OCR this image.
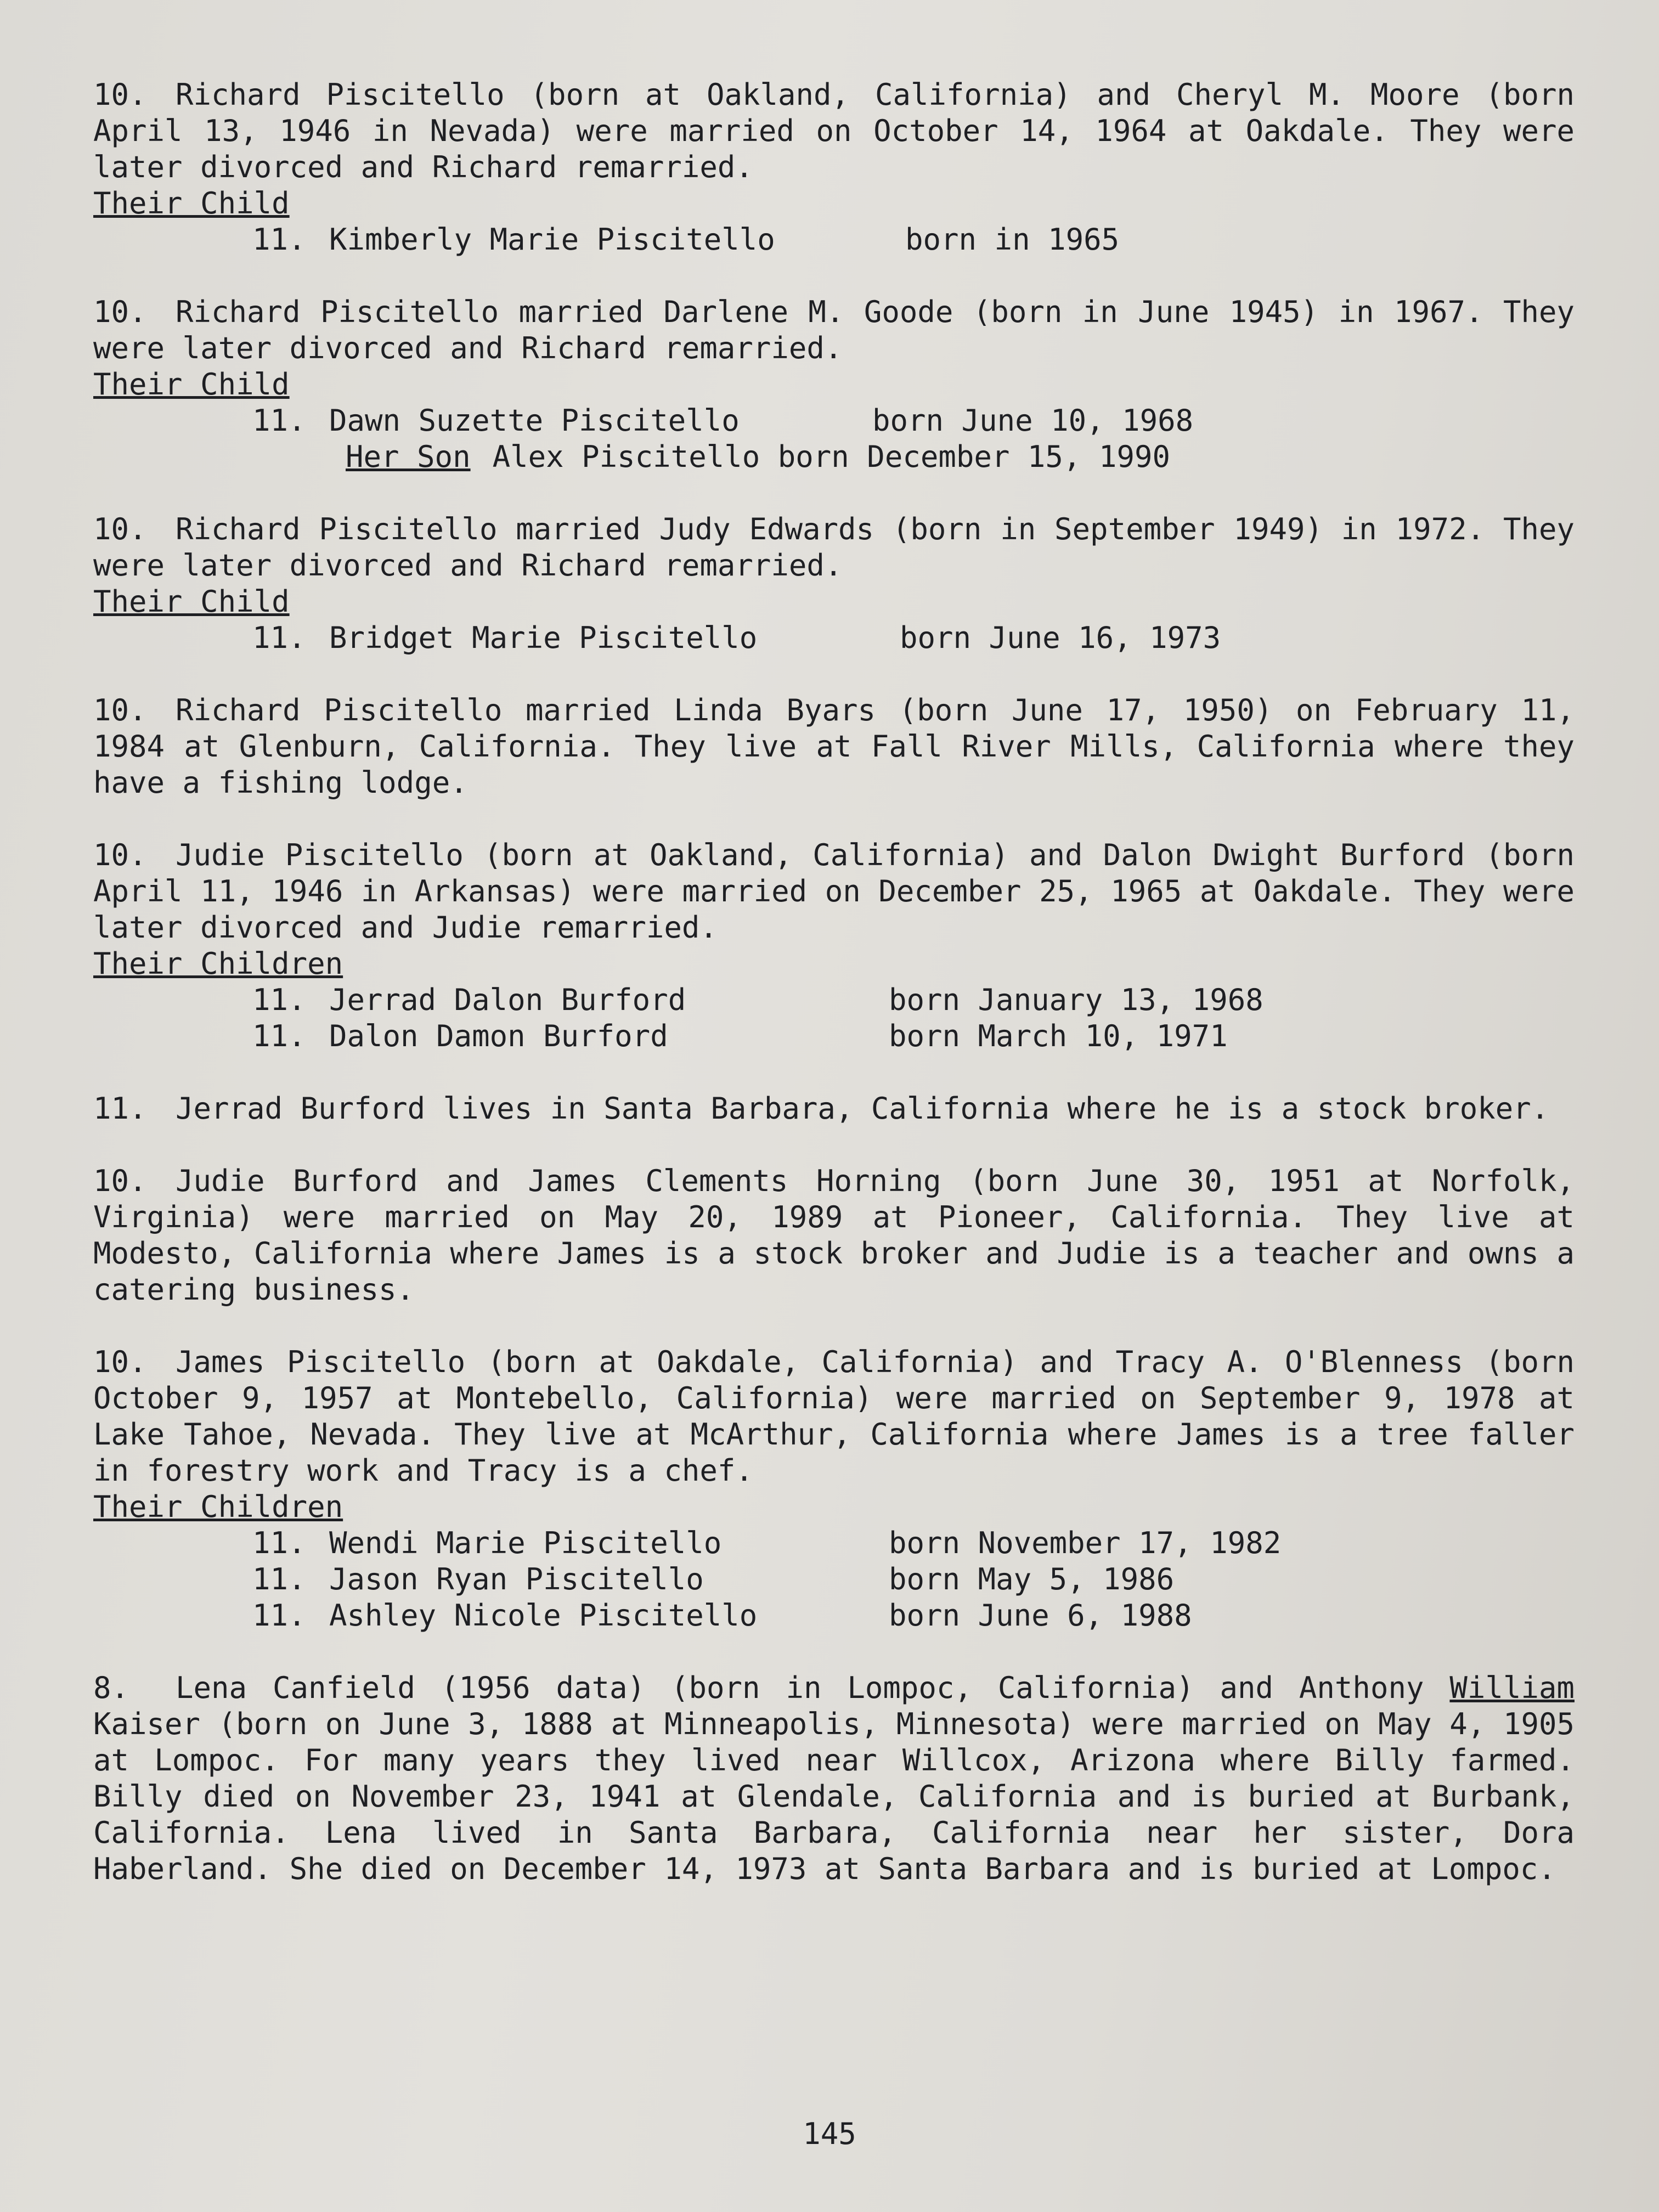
10. Richard Piscitello (born at Oakland, California) and Cheryl M. Moore (born April 13, 1946 in Nevada) were married on October 14, 1964 at Oakdale. They were later divorced and Richard remarried.

Their Child

11. Kimberly Marie Piscitello	born in 1965

10. Richard Piscitello married Darlene M. Goode (born in June 1945) in 1967. They were later divorced and Richard remarried.

Their Child

11. Dawn Suzette Piscitello	born June 10, 1968

Her Son Alex Piscitello born December 15, 1990

10. Richard Piscitello married Judy Edwards (born in September 1949) in 1972. They were later divorced and Richard remarried.

Their Child

11. Bridget Marie Piscitello	born June 16, 1973

10. Richard Piscitello married Linda Byars (born June 17, 1950) on February 11, 1984 at Glenburn, California. They live at Fall River Mills, California where they have a fishing lodge.

10. Judie Piscitello (born at Oakland, California) and Dalon Dwight Burford (born April 11, 1946 in Arkansas) were married on December 25, 1965 at Oakdale. They were later divorced and Judie remarried.

Their Children

11. Jerrad Dalon Burford	born January 13, 1968

11. Dalon Damon Burford	born March 10, 1971

11. Jerrad Burford lives in Santa Barbara, California where he is a stock broker.

10. Judie Burford and James Clements Horning (born June 30, 1951 at Norfolk, Virginia) were married on May 20, 1989 at Pioneer, California. They live at Modesto, California where James is a stock broker and Judie is a teacher and owns a catering business.

10. James Piscitello (born at Oakdale, California) and Tracy A. O'Blenness (born October 9, 1957 at Montebello, California) were married on September 9, 1978 at Lake Tahoe, Nevada. They live at McArthur, California where James is a tree faller in forestry work and Tracy is a chef.

Their Children

11. Wendi Marie Piscitello	born November 17, 1982

11. Jason Ryan Piscitello	born May 5, 1986

11. Ashley Nicole Piscitello	born June 6, 1988

8. Lena Canfield (1956 data) (born in Lompoc, California) and Anthony William Kaiser (born on June 3, 1888 at Minneapolis, Minnesota) were married on May 4, 1905 at Lompoc. For many years they lived near Willcox, Arizona where Billy farmed. Billy died on November 23, 1941 at Glendale, California and is buried at Burbank, California. Lena lived in Santa Barbara, California near her sister, Dora Haberland. She died on December 14, 1973 at Santa Barbara and is buried at Lompoc.

145
